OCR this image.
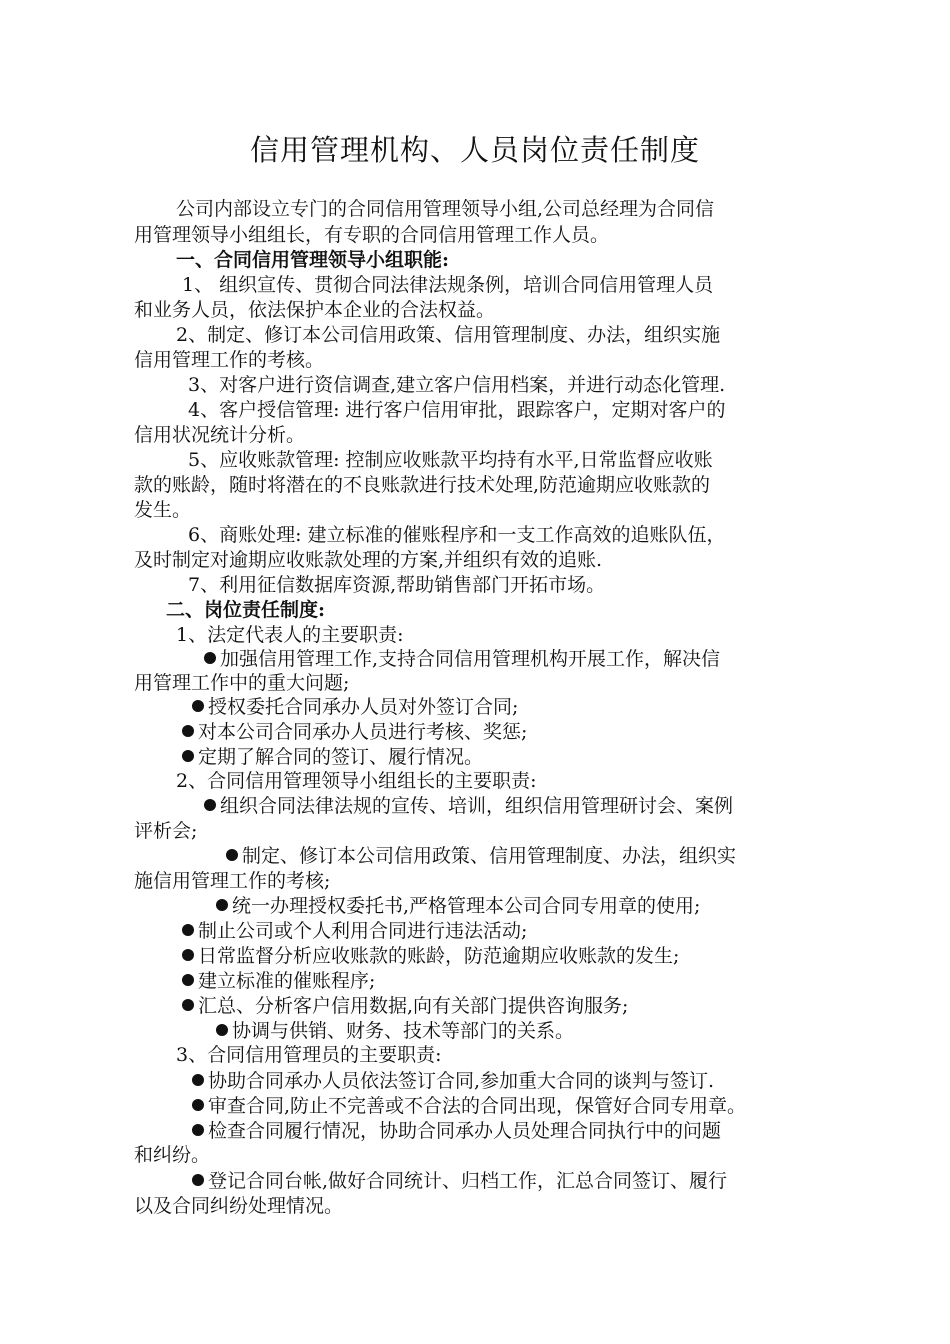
信用管理机构、人员岗位责任制度
公司内部设立专门的合同信用管理领导小组,公司总经理为合同信
用管理领导小组组长，有专职的合同信用管理工作人员。
一、合同信用管理领导小组职能:
1、 组织宣传、贯彻合同法律法规条例，培训合同信用管理人员
和业务人员，依法保护本企业的合法权益。
2、制定、修订本公司信用政策、信用管理制度、办法，组织实施
信用管理工作的考核。
3、对客户进行资信调查,建立客户信用档案，并进行动态化管理.
4、客户授信管理: 进行客户信用审批，跟踪客户，定期对客户的
信用状况统计分析。
5、应收账款管理: 控制应收账款平均持有水平,日常监督应收账
款的账龄，随时将潜在的不良账款进行技术处理,防范逾期应收账款的
发生。
6、商账处理: 建立标准的催账程序和一支工作高效的追账队伍，
及时制定对逾期应收账款处理的方案,并组织有效的追账.
7、利用征信数据库资源,帮助销售部门开拓市场。
二、岗位责任制度:
1、法定代表人的主要职责:
加强信用管理工作,支持合同信用管理机构开展工作，解决信
用管理工作中的重大问题;
授权委托合同承办人员对外签订合同;
对本公司合同承办人员进行考核、奖惩;
定期了解合同的签订、履行情况。
2、合同信用管理领导小组组长的主要职责:
组织合同法律法规的宣传、培训，组织信用管理研讨会、案例
评析会;
制定、修订本公司信用政策、信用管理制度、办法，组织实
施信用管理工作的考核;
统一办理授权委托书,严格管理本公司合同专用章的使用;
制止公司或个人利用合同进行违法活动;
日常监督分析应收账款的账龄，防范逾期应收账款的发生;
建立标准的催账程序;
汇总、分析客户信用数据,向有关部门提供咨询服务;
协调与供销、财务、技术等部门的关系。
3、合同信用管理员的主要职责:
协助合同承办人员依法签订合同,参加重大合同的谈判与签订.
审查合同,防止不完善或不合法的合同出现，保管好合同专用章。
检查合同履行情况，协助合同承办人员处理合同执行中的问题
和纠纷。
登记合同台帐,做好合同统计、归档工作，汇总合同签订、履行
以及合同纠纷处理情况。
